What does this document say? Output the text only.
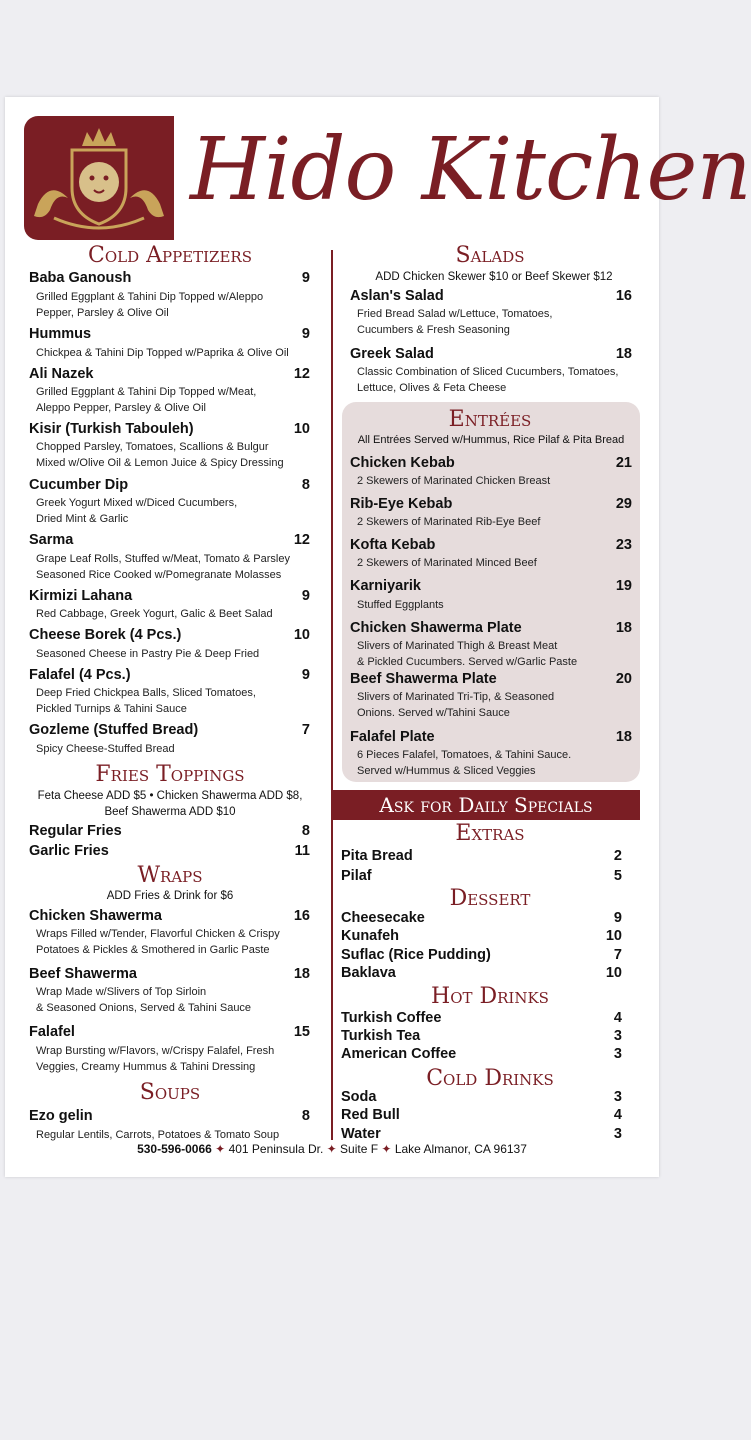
Hido Kitchen
Cold Appetizers
Baba Ganoush	9
Grilled Eggplant & Tahini Dip Topped w/Aleppo
Pepper, Parsley & Olive Oil
Hummus	9
Chickpea & Tahini Dip Topped w/Paprika & Olive Oil
Ali Nazek	12
Grilled Eggplant & Tahini Dip Topped w/Meat,
Aleppo Pepper, Parsley & Olive Oil
Kisir (Turkish Tabouleh)	10
Chopped Parsley, Tomatoes, Scallions & Bulgur
Mixed w/Olive Oil & Lemon Juice & Spicy Dressing
Cucumber Dip	8
Greek Yogurt Mixed w/Diced Cucumbers,
Dried Mint & Garlic
Sarma	12
Grape Leaf Rolls, Stuffed w/Meat, Tomato & Parsley
Seasoned Rice Cooked w/Pomegranate Molasses
Kirmizi Lahana	9
Red Cabbage, Greek Yogurt, Galic & Beet Salad
Cheese Borek (4 Pcs.)	10
Seasoned Cheese in Pastry Pie & Deep Fried
Falafel (4 Pcs.)	9
Deep Fried Chickpea Balls, Sliced Tomatoes,
Pickled Turnips & Tahini Sauce
Gozleme (Stuffed Bread)	7
Spicy Cheese-Stuffed Bread
Fries Toppings
Feta Cheese ADD $5 • Chicken Shawerma ADD $8,
Beef Shawerma ADD $10
Regular Fries	8
Garlic Fries	11
Wraps
ADD Fries & Drink for $6
Chicken Shawerma	16
Wraps Filled w/Tender, Flavorful Chicken & Crispy
Potatoes & Pickles & Smothered in Garlic Paste
Beef Shawerma	18
Wrap Made w/Slivers of Top Sirloin
& Seasoned Onions, Served & Tahini Sauce
Falafel	15
Wrap Bursting w/Flavors, w/Crispy Falafel, Fresh
Veggies, Creamy Hummus & Tahini Dressing
Soups
Ezo gelin	8
Regular Lentils, Carrots, Potatoes & Tomato Soup
Salads
ADD Chicken Skewer $10 or Beef Skewer $12
Aslan's Salad	16
Fried Bread Salad w/Lettuce, Tomatoes,
Cucumbers & Fresh Seasoning
Greek Salad	18
Classic Combination of Sliced Cucumbers, Tomatoes,
Lettuce, Olives & Feta Cheese
Entrées
All Entrées Served w/Hummus, Rice Pilaf & Pita Bread
Chicken Kebab	21
2 Skewers of Marinated Chicken Breast
Rib-Eye Kebab	29
2 Skewers of Marinated Rib-Eye Beef
Kofta Kebab	23
2 Skewers of Marinated Minced Beef
Karniyarik	19
Stuffed Eggplants
Chicken Shawerma Plate	18
Slivers of Marinated Thigh & Breast Meat
& Pickled Cucumbers. Served w/Garlic Paste
Beef Shawerma Plate	20
Slivers of Marinated Tri-Tip, & Seasoned
Onions. Served w/Tahini Sauce
Falafel Plate	18
6 Pieces Falafel, Tomatoes, & Tahini Sauce.
Served w/Hummus & Sliced Veggies
Ask for Daily Specials
Extras
Pita Bread	2
Pilaf	5
Dessert
Cheesecake	9
Kunafeh	10
Suflac (Rice Pudding)	7
Baklava	10
Hot Drinks
Turkish Coffee	4
Turkish Tea	3
American Coffee	3
Cold Drinks
Soda	3
Red Bull	4
Water	3
530-596-0066 ✦ 401 Peninsula Dr. ✦ Suite F ✦ Lake Almanor, CA 96137
